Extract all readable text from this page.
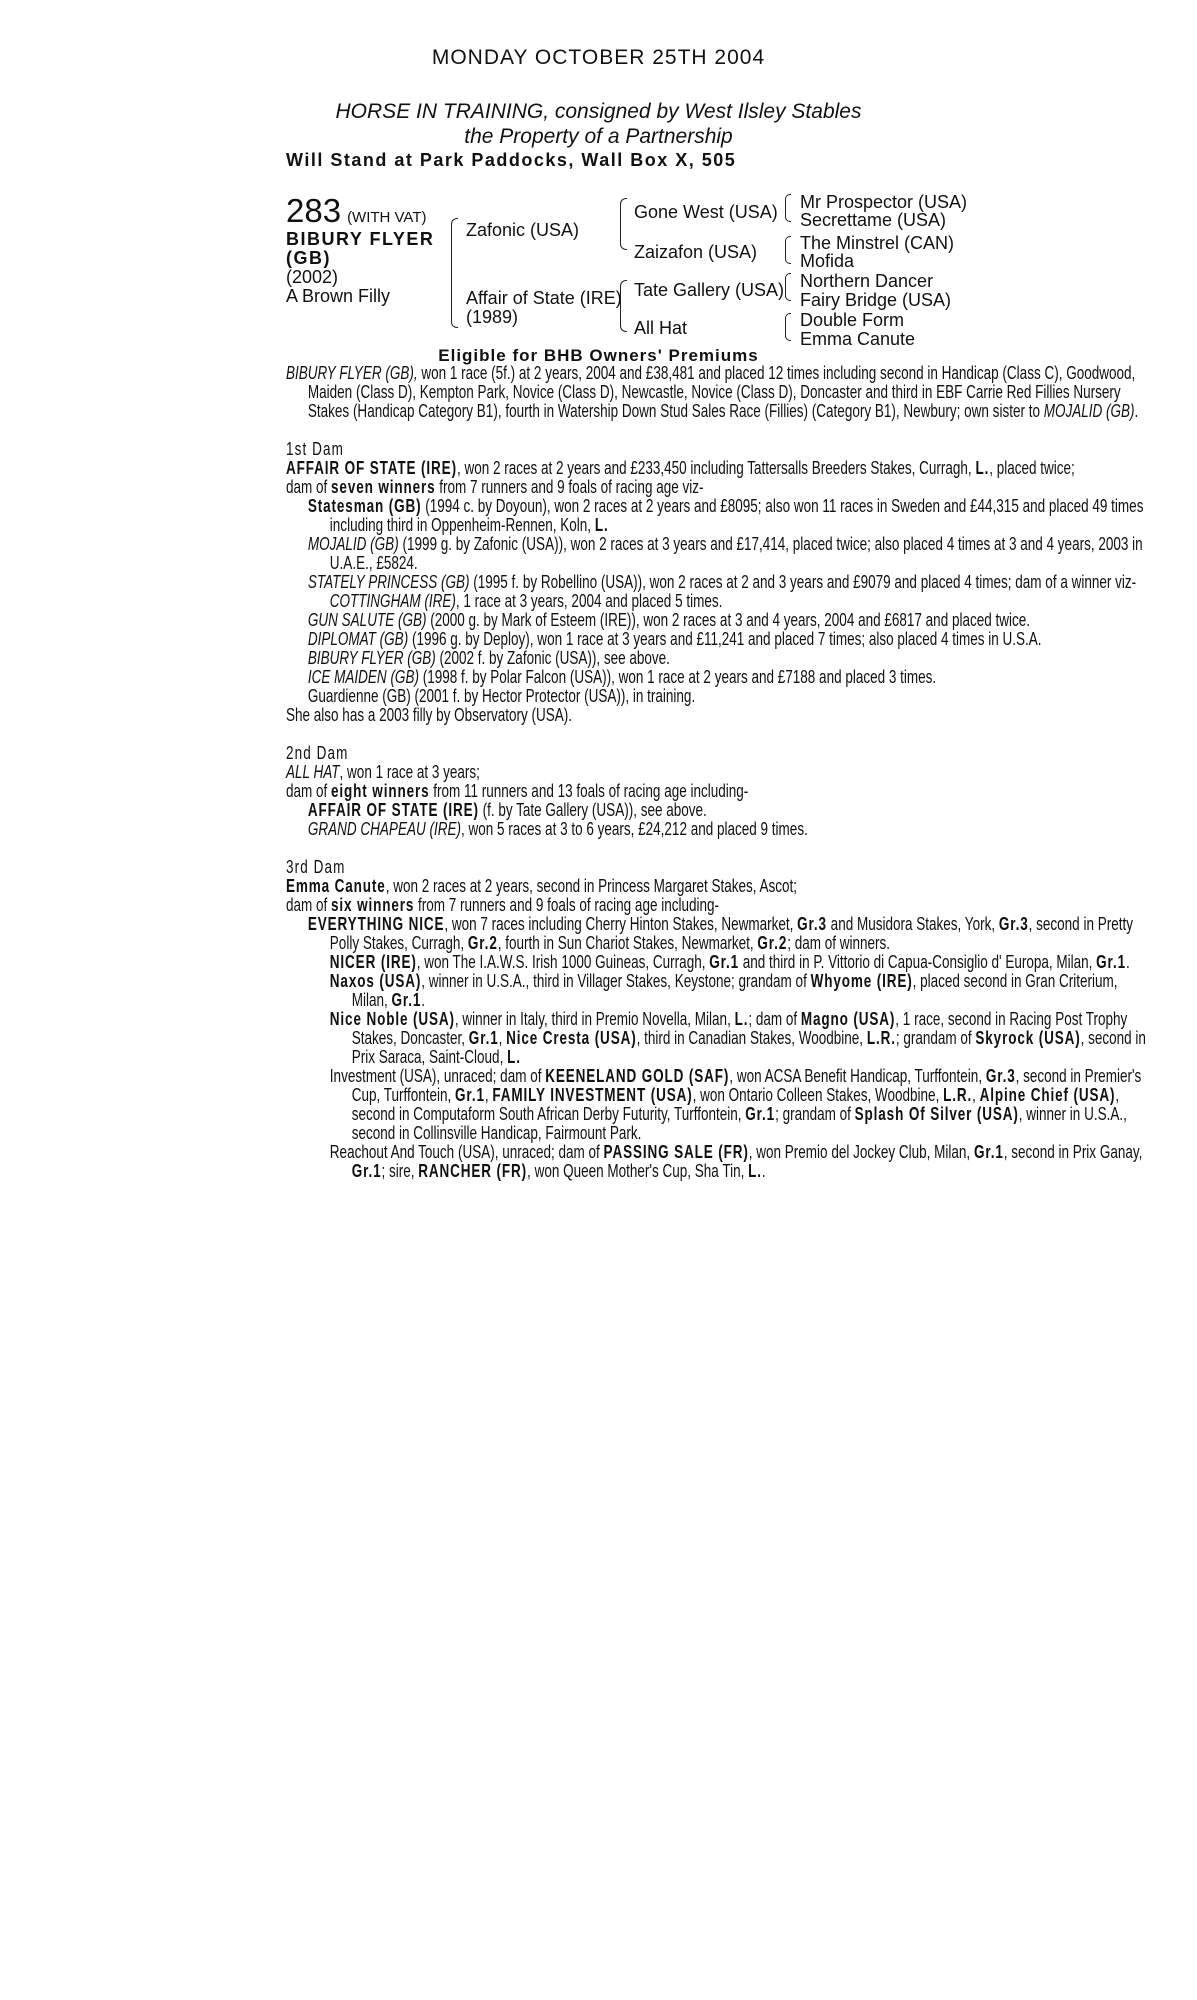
MONDAY OCTOBER 25TH 2004
HORSE IN TRAINING, consigned by West Ilsley Stables
the Property of a Partnership
Will Stand at Park Paddocks, Wall Box X, 505
283 (WITH VAT)
BIBURY FLYER
(GB)
(2002)
A Brown Filly
Zafonic (USA)
Affair of State (IRE)
(1989)
Gone West (USA)
Zaizafon (USA)
Tate Gallery (USA)
All Hat
Mr Prospector (USA)
Secrettame (USA)
The Minstrel (CAN)
Mofida
Northern Dancer
Fairy Bridge (USA)
Double Form
Emma Canute
Eligible for BHB Owners' Premiums

BIBURY FLYER (GB), won 1 race (5f.) at 2 years, 2004 and £38,481 and placed 12 times including second in Handicap (Class C), Goodwood, Maiden (Class D), Kempton Park, Novice (Class D), Newcastle, Novice (Class D), Doncaster and third in EBF Carrie Red Fillies Nursery Stakes (Handicap Category B1), fourth in Watership Down Stud Sales Race (Fillies) (Category B1), Newbury; own sister to MOJALID (GB).

1st Dam

AFFAIR OF STATE (IRE), won 2 races at 2 years and £233,450 including Tattersalls Breeders Stakes, Curragh, L., placed twice;

dam of seven winners from 7 runners and 9 foals of racing age viz-

Statesman (GB) (1994 c. by Doyoun), won 2 races at 2 years and £8095; also won 11 races in Sweden and £44,315 and placed 49 times including third in Oppenheim-Rennen, Koln, L.

MOJALID (GB) (1999 g. by Zafonic (USA)), won 2 races at 3 years and £17,414, placed twice; also placed 4 times at 3 and 4 years, 2003 in U.A.E., £5824.

STATELY PRINCESS (GB) (1995 f. by Robellino (USA)), won 2 races at 2 and 3 years and £9079 and placed 4 times; dam of a winner viz-

COTTINGHAM (IRE), 1 race at 3 years, 2004 and placed 5 times.

GUN SALUTE (GB) (2000 g. by Mark of Esteem (IRE)), won 2 races at 3 and 4 years, 2004 and £6817 and placed twice.

DIPLOMAT (GB) (1996 g. by Deploy), won 1 race at 3 years and £11,241 and placed 7 times; also placed 4 times in U.S.A.

BIBURY FLYER (GB) (2002 f. by Zafonic (USA)), see above.

ICE MAIDEN (GB) (1998 f. by Polar Falcon (USA)), won 1 race at 2 years and £7188 and placed 3 times.

Guardienne (GB) (2001 f. by Hector Protector (USA)), in training.

She also has a 2003 filly by Observatory (USA).

2nd Dam

ALL HAT, won 1 race at 3 years;

dam of eight winners from 11 runners and 13 foals of racing age including-

AFFAIR OF STATE (IRE) (f. by Tate Gallery (USA)), see above.

GRAND CHAPEAU (IRE), won 5 races at 3 to 6 years, £24,212 and placed 9 times.

3rd Dam

Emma Canute, won 2 races at 2 years, second in Princess Margaret Stakes, Ascot;

dam of six winners from 7 runners and 9 foals of racing age including-

EVERYTHING NICE, won 7 races including Cherry Hinton Stakes, Newmarket, Gr.3 and Musidora Stakes, York, Gr.3, second in Pretty Polly Stakes, Curragh, Gr.2, fourth in Sun Chariot Stakes, Newmarket, Gr.2; dam of winners.

NICER (IRE), won The I.A.W.S. Irish 1000 Guineas, Curragh, Gr.1 and third in P. Vittorio di Capua-Consiglio d' Europa, Milan, Gr.1.

Naxos (USA), winner in U.S.A., third in Villager Stakes, Keystone; grandam of Whyome (IRE), placed second in Gran Criterium, Milan, Gr.1.

Nice Noble (USA), winner in Italy, third in Premio Novella, Milan, L.; dam of Magno (USA), 1 race, second in Racing Post Trophy Stakes, Doncaster, Gr.1, Nice Cresta (USA), third in Canadian Stakes, Woodbine, L.R.; grandam of Skyrock (USA), second in Prix Saraca, Saint-Cloud, L.

Investment (USA), unraced; dam of KEENELAND GOLD (SAF), won ACSA Benefit Handicap, Turffontein, Gr.3, second in Premier's Cup, Turffontein, Gr.1, FAMILY INVESTMENT (USA), won Ontario Colleen Stakes, Woodbine, L.R., Alpine Chief (USA), second in Computaform South African Derby Futurity, Turffontein, Gr.1; grandam of Splash Of Silver (USA), winner in U.S.A., second in Collinsville Handicap, Fairmount Park.

Reachout And Touch (USA), unraced; dam of PASSING SALE (FR), won Premio del Jockey Club, Milan, Gr.1, second in Prix Ganay, Gr.1; sire, RANCHER (FR), won Queen Mother's Cup, Sha Tin, L..
